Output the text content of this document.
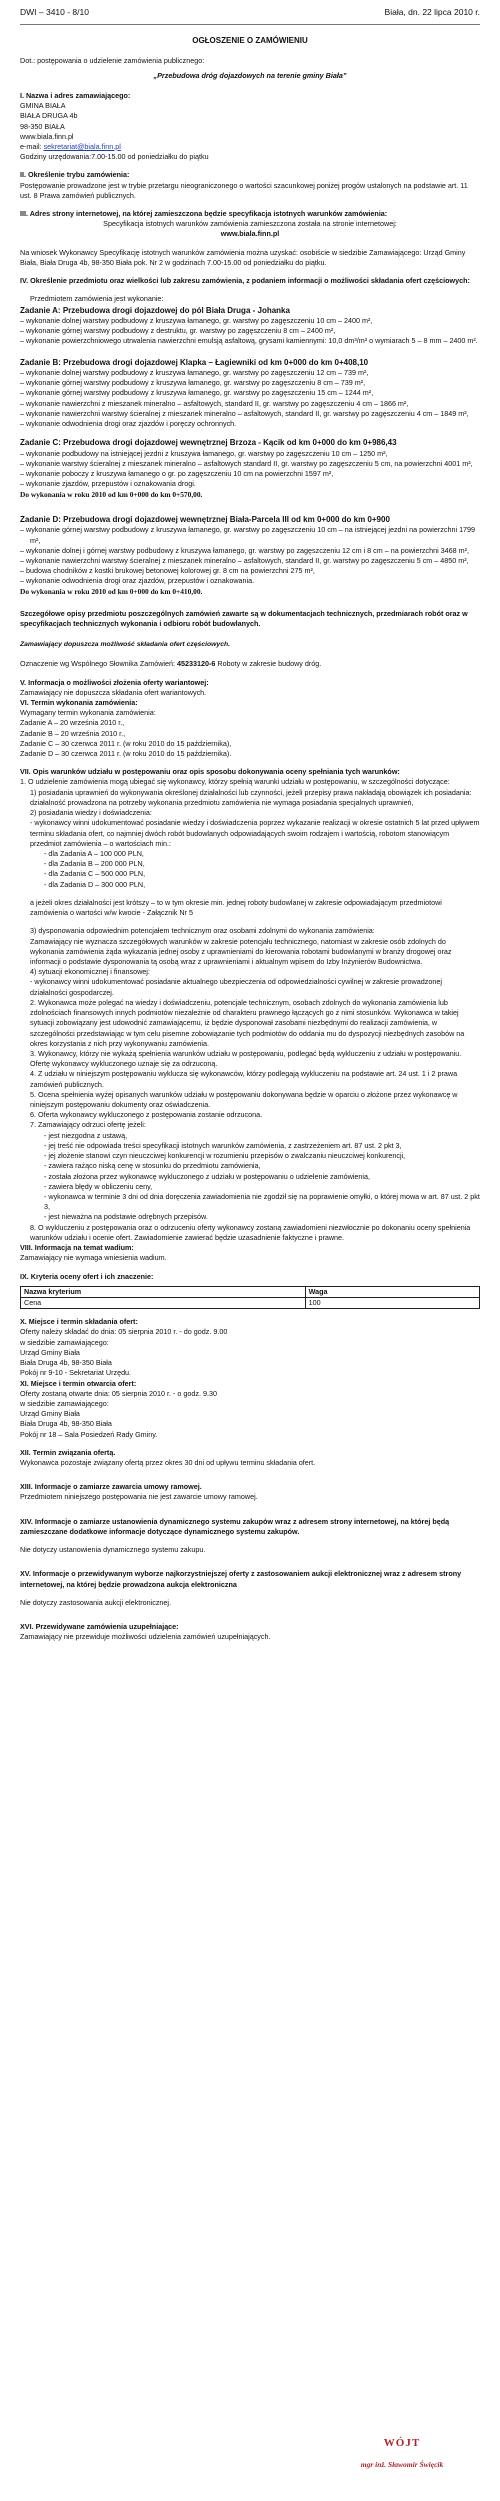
DWI – 3410 - 8/10	Biała, dn. 22 lipca 2010 r.
OGŁOSZENIE O ZAMÓWIENIU

Dot.: postępowania o udzielenie zamówienia publicznego:

„Przebudowa dróg dojazdowych na terenie gminy Biała”

I. Nazwa i adres zamawiającego:

GMINA BIAŁA

BIAŁA DRUGA 4b

98-350 BIAŁA

www.biala.finn.pl

e-mail: sekretariat@biala.finn.pl

Godziny urzędowania:7.00-15.00 od poniedziałku do piątku

II. Określenie trybu zamówienia:

Postępowanie prowadzone jest w trybie przetargu nieograniczonego o wartości szacunkowej poniżej progów ustalonych na podstawie art. 11 ust. 8 Prawa zamówień publicznych.

III. Adres strony internetowej, na której zamieszczona będzie specyfikacja istotnych warunków zamówienia:

Specyfikacja istotnych warunków zamówienia zamieszczona została na stronie internetowej:

www.biala.finn.pl

Na wniosek Wykonawcy Specyfikację istotnych warunków zamówienia można uzyskać: osobiście w siedzibie Zamawiającego: Urząd Gminy Biała, Biała Druga 4b, 98-350 Biała pok. Nr 2 w godzinach 7.00-15.00 od poniedziałku do piątku.

IV. Określenie przedmiotu oraz wielkości lub zakresu zamówienia, z podaniem informacji o możliwości składania ofert częściowych:

Przedmiotem zamówienia jest wykonanie:

Zadanie A: Przebudowa drogi dojazdowej do pól Biała Druga - Johanka

– wykonanie dolnej warstwy podbudowy z kruszywa łamanego, gr. warstwy po zagęszczeniu 10 cm – 2400 m²,

– wykonanie górnej warstwy podbudowy z destruktu, gr. warstwy po zagęszczeniu 8 cm – 2400 m²,

– wykonanie powierzchniowego utrwalenia nawierzchni emulsją asfaltową, grysami kamiennymi: 10,0 dm³/m² o wymiarach 5 – 8 mm – 2400 m².

Zadanie B: Przebudowa drogi dojazdowej Klapka – Łagiewniki od km 0+000 do km 0+408,10

– wykonanie dolnej warstwy podbudowy z kruszywa łamanego, gr. warstwy po zagęszczeniu 12 cm – 739 m²,

– wykonanie górnej warstwy podbudowy z kruszywa łamanego, gr. warstwy po zagęszczeniu 8 cm – 739 m²,

– wykonanie górnej warstwy podbudowy z kruszywa łamanego, gr. warstwy po zagęszczeniu 15 cm – 1244 m²,

– wykonanie nawierzchni z mieszanek mineralno – asfaltowych, standard II, gr. warstwy po zagęszczeniu 4 cm – 1866 m²,

– wykonanie nawierzchni warstwy ścieralnej z mieszanek mineralno – asfaltowych, standard II, gr. warstwy po zagęszczeniu 4 cm – 1849 m²,

– wykonanie odwodnienia drogi oraz zjazdów i poręczy ochronnych.

Zadanie C: Przebudowa drogi dojazdowej wewnętrznej Brzoza - Kącik od km 0+000 do km 0+986,43

– wykonanie podbudowy na istniejącej jezdni z kruszywa łamanego, gr. warstwy po zagęszczeniu 10 cm – 1250 m²,

– wykonanie warstwy ścieralnej z mieszanek mineralno – asfaltowych standard II, gr. warstwy po zagęszczeniu 5 cm, na powierzchni 4001 m²,

– wykonanie poboczy z kruszywa łamanego o gr. po zagęszczeniu 10 cm na powierzchni 1597 m²,

– wykonanie zjazdów, przepustów i oznakowania drogi.

Do wykonania w roku 2010 od km 0+000 do km 0+570,00.

Zadanie D: Przebudowa drogi dojazdowej wewnętrznej Biała-Parcela III od km 0+000 do km 0+900

– wykonanie górnej warstwy podbudowy z kruszywa łamanego, gr. warstwy po zagęszczeniu 10 cm – na istniejącej jezdni na powierzchni 1799 m²,

– wykonanie dolnej i górnej warstwy podbudowy z kruszywa łamanego, gr. warstwy po zagęszczeniu 12 cm i 8 cm – na powierzchni 3468 m²,

– wykonanie nawierzchni warstwy ścieralnej z mieszanek mineralno – asfaltowych, standard II, gr. warstwy po zagęszczeniu 5 cm – 4850 m²,

– budowa chodników z kostki brukowej betonowej kolorowej gr. 8 cm na powierzchni 275 m²,

– wykonanie odwodnienia drogi oraz zjazdów, przepustów i oznakowania.

Do wykonania w roku 2010 od km 0+000 do km 0+410,00.

Szczegółowe opisy przedmiotu poszczególnych zamówień zawarte są w dokumentacjach technicznych, przedmiarach robót oraz w specyfikacjach technicznych wykonania i odbioru robót budowlanych.

Zamawiający dopuszcza możliwość składania ofert częściowych.

Oznaczenie wg Wspólnego Słownika Zamówień: 45233120-6 Roboty w zakresie budowy dróg.

V. Informacja o możliwości złożenia oferty wariantowej:

Zamawiający nie dopuszcza składania ofert wariantowych.

VI. Termin wykonania zamówienia:

Wymagany termin wykonania zamówienia:

Zadanie A – 20 września 2010 r.,

Zadanie B – 20 września 2010 r.,

Zadanie C – 30 czerwca 2011 r. (w roku 2010 do 15 października),

Zadanie D – 30 czerwca 2011 r. (w roku 2010 do 15 października).

VII. Opis warunków udziału w postępowaniu oraz opis sposobu dokonywania oceny spełniania tych warunków:

1. O udzielenie zamówienia mogą ubiegać się wykonawcy, którzy spełnią warunki udziału w postępowaniu, w szczególności dotyczące:

1) posiadania uprawnień do wykonywania określonej działalności lub czynności, jeżeli przepisy prawa nakładają obowiązek ich posiadania: działalność prowadzona na potrzeby wykonania przedmiotu zamówienia nie wymaga posiadania specjalnych uprawnień,

2) posiadania wiedzy i doświadczenia:

- wykonawcy winni udokumentować posiadanie wiedzy i doświadczenia poprzez wykazanie realizacji w okresie ostatnich 5 lat przed upływem terminu składania ofert, co najmniej dwóch robót budowlanych odpowiadających swoim rodzajem i wartością, robotom stanowiącym przedmiot zamówienia – o wartościach min.:

- dla Zadania A – 100 000 PLN,

- dla Zadania B – 200 000 PLN,

- dla Zadania C – 500 000 PLN,

- dla Zadania D – 300 000 PLN,

a jeżeli okres działalności jest krótszy – to w tym okresie min. jednej roboty budowlanej w zakresie odpowiadającym przedmiotowi zamówienia o wartości w/w kwocie - Załącznik Nr 5

3) dysponowania odpowiednim potencjałem technicznym oraz osobami zdolnymi do wykonania zamówienia:

Zamawiający nie wyznacza szczegółowych warunków w zakresie potencjału technicznego, natomiast w zakresie osób zdolnych do wykonania zamówienia żąda wykazania jednej osoby z uprawnieniami do kierowania robotami budowlanymi w branży drogowej oraz informacji o podstawie dysponowania tą osobą wraz z uprawnieniami i aktualnym wpisem do Izby Inżynierów Budownictwa.

4) sytuacji ekonomicznej i finansowej:

- wykonawcy winni udokumentować posiadanie aktualnego ubezpieczenia od odpowiedzialności cywilnej w zakresie prowadzonej działalności gospodarczej.

2. Wykonawca może polegać na wiedzy i doświadczeniu, potencjale technicznym, osobach zdolnych do wykonania zamówienia lub zdolnościach finansowych innych podmiotów niezależnie od charakteru prawnego łączących go z nimi stosunków. Wykonawca w takiej sytuacji zobowiązany jest udowodnić zamawiającemu, iż będzie dysponował zasobami niezbędnymi do realizacji zamówienia, w szczególności przedstawiając w tym celu pisemne zobowiązanie tych podmiotów do oddania mu do dyspozycji niezbędnych zasobów na okres korzystania z nich przy wykonywaniu zamówienia.

3. Wykonawcy, którzy nie wykażą spełnienia warunków udziału w postępowaniu, podlegać będą wykluczeniu z udziału w postępowaniu. Ofertę wykonawcy wykluczonego uznaje się za odrzuconą.

4. Z udziału w niniejszym postępowaniu wyklucza się wykonawców, którzy podlegają wykluczeniu na podstawie art. 24 ust. 1 i 2 prawa zamówień publicznych.

5. Ocena spełnienia wyżej opisanych warunków udziału w postępowaniu dokonywana będzie w oparciu o złożone przez wykonawcę w niniejszym postępowaniu dokumenty oraz oświadczenia.

6. Oferta wykonawcy wykluczonego z postępowania zostanie odrzucona.

7. Zamawiający odrzuci ofertę jeżeli:

- jest niezgodna z ustawą,

- jej treść nie odpowiada treści specyfikacji istotnych warunków zamówienia, z zastrzeżeniem art. 87 ust. 2 pkt 3,

- jej złożenie stanowi czyn nieuczciwej konkurencji w rozumieniu przepisów o zwalczaniu nieuczciwej konkurencji,

- zawiera rażąco niską cenę w stosunku do przedmiotu zamówienia,

- została złożona przez wykonawcę wykluczonego z udziału w postępowaniu o udzielenie zamówienia,

- zawiera błędy w obliczeniu ceny,

- wykonawca w terminie 3 dni od dnia doręczenia zawiadomienia nie zgodził się na poprawienie omyłki, o której mowa w art. 87 ust. 2 pkt 3,

- jest nieważna na podstawie odrębnych przepisów.

8. O wykluczeniu z postępowania oraz o odrzuceniu oferty wykonawcy zostaną zawiadomieni niezwłocznie po dokonaniu oceny spełnienia warunków udziału i ocenie ofert. Zawiadomienie zawierać będzie uzasadnienie faktyczne i prawne.

VIII. Informacja na temat wadium:

Zamawiający nie wymaga wniesienia wadium.

IX. Kryteria oceny ofert i ich znaczenie:

Nazwa kryterium	Waga
Cena	100

X. Miejsce i termin składania ofert:

Oferty należy składać do dnia: 05 sierpnia 2010 r. - do godz. 9.00

w siedzibie zamawiającego:

Urząd Gminy Biała

Biała Druga 4b, 98-350 Biała

Pokój nr 9-10 - Sekretariat Urzędu.

XI. Miejsce i termin otwarcia ofert:

Oferty zostaną otwarte dnia: 05 sierpnia 2010 r. - o godz. 9.30

w siedzibie zamawiającego:

Urząd Gminy Biała

Biała Druga 4b, 98-350 Biała

Pokój nr 18 – Sala Posiedzeń Rady Gminy.

XII. Termin związania ofertą.

Wykonawca pozostaje związany ofertą przez okres 30 dni od upływu terminu składania ofert.

XIII. Informacje o zamiarze zawarcia umowy ramowej.

Przedmiotem niniejszego postępowania nie jest zawarcie umowy ramowej.

XIV. Informacje o zamiarze ustanowienia dynamicznego systemu zakupów wraz z adresem strony internetowej, na której będą zamieszczane dodatkowe informacje dotyczące dynamicznego systemu zakupów.

Nie dotyczy ustanowienia dynamicznego systemu zakupu.

XV. Informacje o przewidywanym wyborze najkorzystniejszej oferty z zastosowaniem aukcji elektronicznej wraz z adresem strony internetowej, na której będzie prowadzona aukcja elektroniczna

Nie dotyczy zastosowania aukcji elektronicznej.

XVI. Przewidywane zamówienia uzupełniające:

Zamawiający nie przewiduje możliwości udzielenia zamówień uzupełniających.

WÓJT
mgr inż. Sławomir Święcik
